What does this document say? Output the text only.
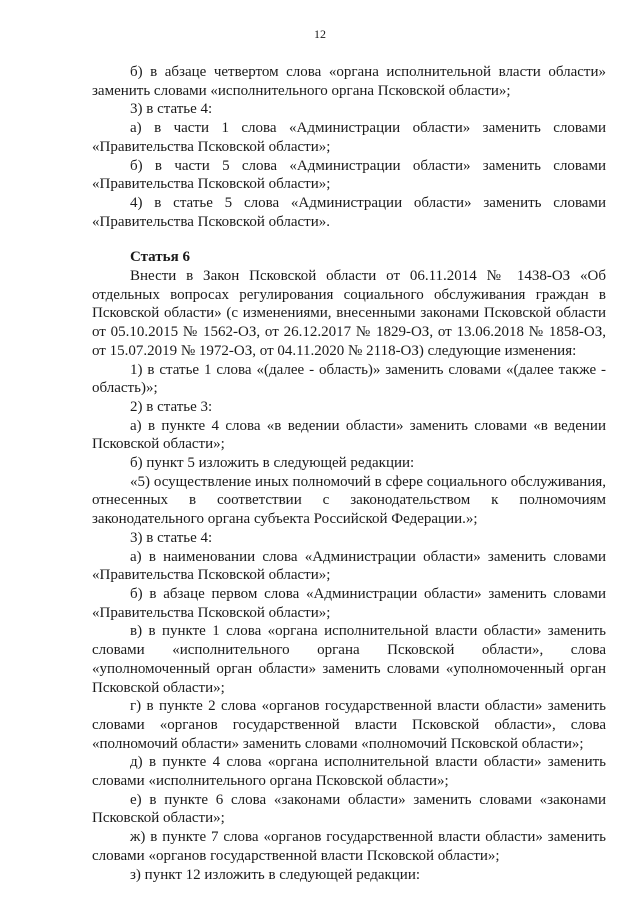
12

б) в абзаце четвертом слова «органа исполнительной власти области» заменить словами «исполнительного органа Псковской области»;

3) в статье 4:

а) в части 1 слова «Администрации области» заменить словами «Правительства Псковской области»;

б) в части 5 слова «Администрации области» заменить словами «Правительства Псковской области»;

4) в статье 5 слова «Администрации области» заменить словами «Правительства Псковской области».

Статья 6

Внести в Закон Псковской области от 06.11.2014 № 1438-ОЗ «Об отдельных вопросах регулирования социального обслуживания граждан в Псковской области» (с изменениями, внесенными законами Псковской области от 05.10.2015 № 1562-ОЗ, от 26.12.2017 № 1829-ОЗ, от 13.06.2018 № 1858-ОЗ, от 15.07.2019 № 1972-ОЗ, от 04.11.2020 № 2118-ОЗ) следующие изменения:

1) в статье 1 слова «(далее - область)» заменить словами «(далее также - область)»;

2) в статье 3:

а) в пункте 4 слова «в ведении области» заменить словами «в ведении Псковской области»;

б) пункт 5 изложить в следующей редакции:

«5) осуществление иных полномочий в сфере социального обслуживания, отнесенных в соответствии с законодательством к полномочиям законодательного органа субъекта Российской Федерации.»;

3) в статье 4:

а) в наименовании слова «Администрации области» заменить словами «Правительства Псковской области»;

б) в абзаце первом слова «Администрации области» заменить словами «Правительства Псковской области»;

в) в пункте 1 слова «органа исполнительной власти области» заменить словами «исполнительного органа Псковской области», слова «уполномоченный орган области» заменить словами «уполномоченный орган Псковской области»;

г) в пункте 2 слова «органов государственной власти области» заменить словами «органов государственной власти Псковской области», слова «полномочий области» заменить словами «полномочий Псковской области»;

д) в пункте 4 слова «органа исполнительной власти области» заменить словами «исполнительного органа Псковской области»;

е) в пункте 6 слова «законами области» заменить словами «законами Псковской области»;

ж) в пункте 7 слова «органов государственной власти области» заменить словами «органов государственной власти Псковской области»;

з) пункт 12 изложить в следующей редакции:
